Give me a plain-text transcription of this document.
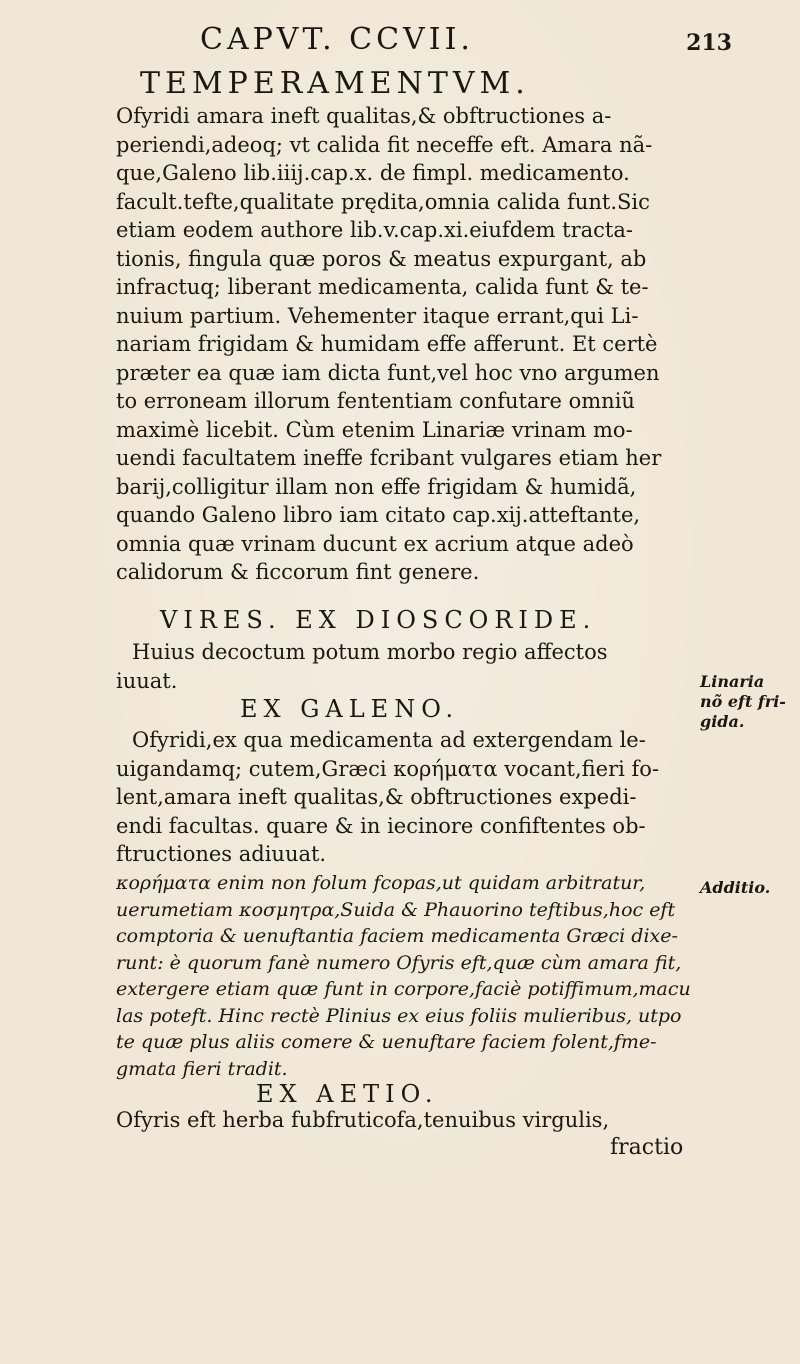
CAPVT. CCVII.	213
TEMPERAMENTVM.
Ofyridi amara ineft qualitas,& obftructiones a-
periendi,adeoq; vt calida fit neceffe eft. Amara nã-
que,Galeno lib.iiij.cap.x. de fimpl. medicamento.
facult.tefte,qualitate prędita,omnia calida funt.Sic
etiam eodem authore lib.v.cap.xi.eiufdem tracta-
tionis, fingula quæ poros & meatus expurgant, ab
infractuq; liberant medicamenta, calida funt & te-
nuium partium. Vehementer itaque errant,qui Li-
nariam frigidam & humidam effe afferunt. Et certè
præter ea quæ iam dicta funt,vel hoc vno argumen
to erroneam illorum fententiam confutare omniũ
maximè licebit. Cùm etenim Linariæ vrinam mo-
uendi facultatem ineffe fcribant vulgares etiam her
barij,colligitur illam non effe frigidam & humidã,
quando Galeno libro iam citato cap.xij.atteftante,
omnia quæ vrinam ducunt ex acrium atque adeò
calidorum & ficcorum fint genere.
Linaria
nõ eft fri-
gida.
VIRES. EX DIOSCORIDE.
Huius decoctum potum morbo regio affectos
iuuat.
EX GALENO.
Ofyridi,ex qua medicamenta ad extergendam le-
uigandamq; cutem,Græci κορήματα vocant,fieri fo-
lent,amara ineft qualitas,& obftructiones expedi-
endi facultas. quare & in iecinore confiftentes ob-
ftructiones adiuuat.
κορήματα enim non folum fcopas,ut quidam arbitratur,
uerumetiam κοσμητρα,Suida & Phauorino teftibus,hoc eft
comptoria & uenuftantia faciem medicamenta Græci dixe-
runt: è quorum fanè numero Ofyris eft,quæ cùm amara fit,
extergere etiam quæ funt in corpore,faciè potiffimum,macu
las poteft. Hinc rectè Plinius ex eius foliis mulieribus, utpo
te quæ plus aliis comere & uenuftare faciem folent,fme-
gmata fieri tradit.
Additio.
EX AETIO.
Ofyris eft herba fubfruticofa,tenuibus virgulis,
fractio
